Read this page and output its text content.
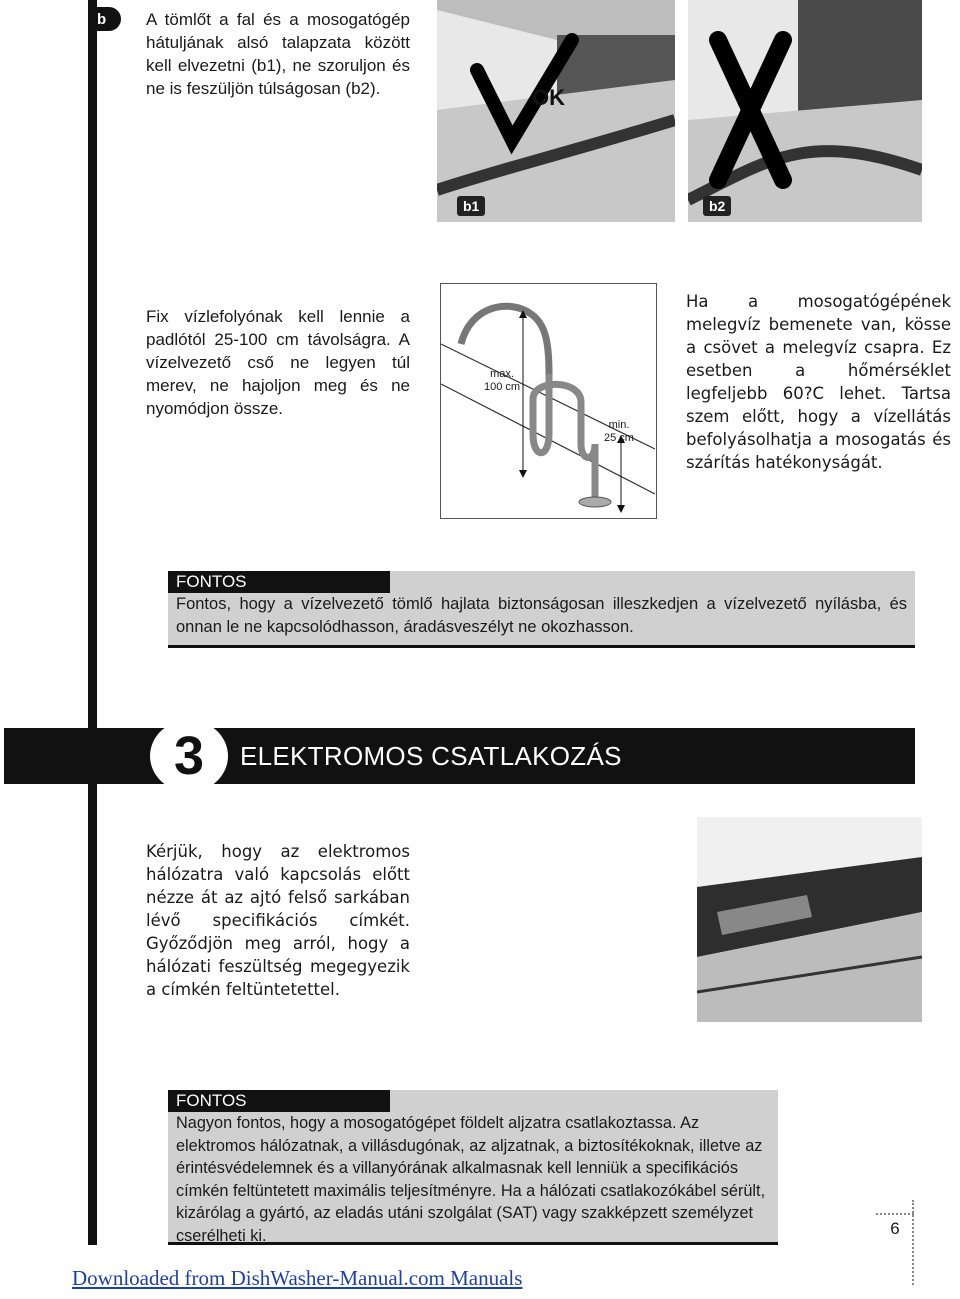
b	A tömlőt a fal és a mosogatógép hátuljának alsó talapzata között kell elvezetni (b1), ne szoruljon és ne is feszüljön túlságosan (b2).	OK
b1	b2
Fix vízlefolyónak kell lennie a padlótól 25-100 cm távolságra. A vízelvezető cső ne legyen túl merev, ne hajoljon meg és ne nyomódjon össze.
max.
100 cm
min.
25 cm
Ha a mosogatógépének melegvíz bemenete van, kösse a csövet a melegvíz csapra. Ez esetben a hőmérséklet legfeljebb 60?C lehet. Tartsa szem előtt, hogy a vízellátás befolyásolhatja a mosogatás és szárítás hatékonyságát.
FONTOS
Fontos, hogy a vízelvezető tömlő hajlata biztonságosan illeszkedjen a vízelvezető nyílásba, és onnan le ne kapcsolódhasson, áradásveszélyt ne okozhasson.
3	ELEKTROMOS CSATLAKOZÁS
Kérjük, hogy az elektromos hálózatra való kapcsolás előtt nézze át az ajtó felső sarkában lévő specifikációs címkét. Győződjön meg arról, hogy a hálózati feszültség megegyezik a címkén feltüntetettel.
FONTOS
Nagyon fontos, hogy a mosogatógépet földelt aljzatra csatlakoztassa. Az elektromos hálózatnak, a villásdugónak, az aljzatnak, a biztosítékoknak, illetve az érintésvédelemnek és a villanyórának alkalmasnak kell lenniük a specifikációs címkén feltüntetett maximális teljesítményre. Ha a hálózati csatlakozókábel sérült, kizárólag a gyártó, az eladás utáni szolgálat (SAT) vagy szakképzett személyzet cserélheti ki.	6
Downloaded from DishWasher-Manual.com Manuals
